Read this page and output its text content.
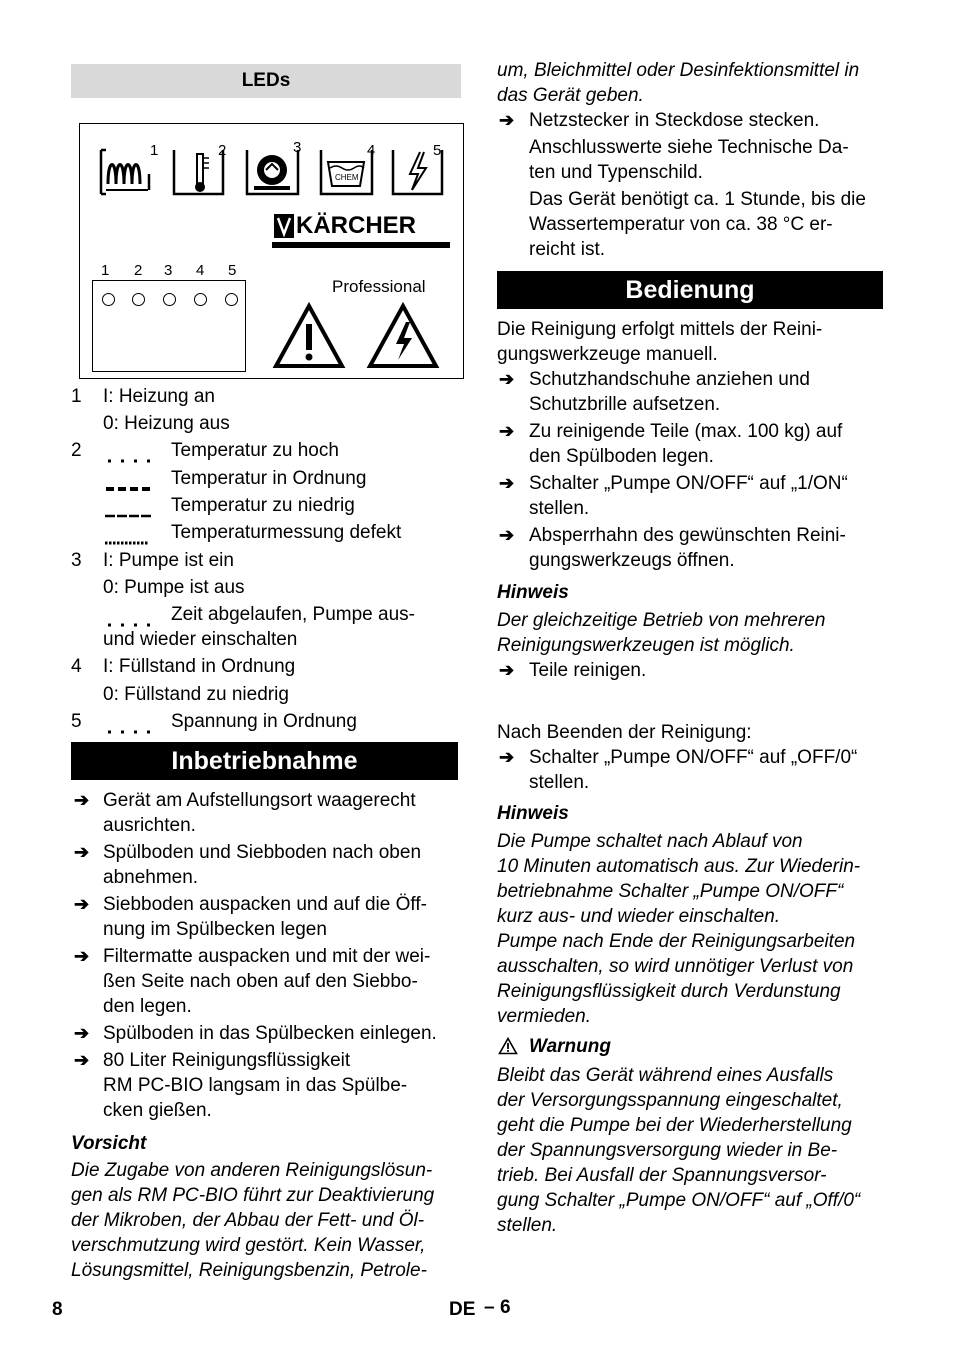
LEDs
1	2	3
CHEM
4	5
KÄRCHER
1 2 3 4 5
Professional
1 I: Heizung an
0: Heizung aus
2	Temperatur zu hoch
Temperatur in Ordnung
Temperatur zu niedrig
Temperaturmessung defekt
3 I: Pumpe ist ein
0: Pumpe ist aus
Zeit abgelaufen, Pumpe aus-
und wieder einschalten
4 I: Füllstand in Ordnung
0: Füllstand zu niedrig
5	Spannung in Ordnung
Inbetriebnahme
➔ Gerät am Aufstellungsort waagerecht
ausrichten.
➔ Spülboden und Siebboden nach oben
abnehmen.
➔ Siebboden auspacken und auf die Öff-
nung im Spülbecken legen
➔ Filtermatte auspacken und mit der wei-
ßen Seite nach oben auf den Siebbo-
den legen.
➔ Spülboden in das Spülbecken einlegen.
➔ 80 Liter Reinigungsflüssigkeit
RM PC-BIO langsam in das Spülbe-
cken gießen.
Vorsicht
Die Zugabe von anderen Reinigungslösun-
gen als RM PC-BIO führt zur Deaktivierung
der Mikroben, der Abbau der Fett- und Öl-
verschmutzung wird gestört. Kein Wasser,
Lösungsmittel, Reinigungsbenzin, Petrole-
um, Bleichmittel oder Desinfektionsmittel in
das Gerät geben.
➔ Netzstecker in Steckdose stecken.
Anschlusswerte siehe Technische Da-
ten und Typenschild.
Das Gerät benötigt ca. 1 Stunde, bis die
Wassertemperatur von ca. 38 °C er-
reicht ist.
Bedienung
Die Reinigung erfolgt mittels der Reini-
gungswerkzeuge manuell.
➔ Schutzhandschuhe anziehen und
Schutzbrille aufsetzen.
➔ Zu reinigende Teile (max. 100 kg) auf
den Spülboden legen.
➔ Schalter „Pumpe ON/OFF“ auf „1/ON“
stellen.
➔ Absperrhahn des gewünschten Reini-
gungswerkzeugs öffnen.
Hinweis
Der gleichzeitige Betrieb von mehreren
Reinigungswerkzeugen ist möglich.
➔ Teile reinigen.
Nach Beenden der Reinigung:
➔ Schalter „Pumpe ON/OFF“ auf „OFF/0“
stellen.
Hinweis
Die Pumpe schaltet nach Ablauf von
10 Minuten automatisch aus. Zur Wiederin-
betriebnahme Schalter „Pumpe ON/OFF“
kurz aus- und wieder einschalten.
Pumpe nach Ende der Reinigungsarbeiten
ausschalten, so wird unnötiger Verlust von
Reinigungsflüssigkeit durch Verdunstung
vermieden.
Warnung
Bleibt das Gerät während eines Ausfalls
der Versorgungsspannung eingeschaltet,
geht die Pumpe bei der Wiederherstellung
der Spannungsversorgung wieder in Be-
trieb. Bei Ausfall der Spannungsversor-
gung Schalter „Pumpe ON/OFF“ auf „Off/0“
stellen.
8	DE – 6
